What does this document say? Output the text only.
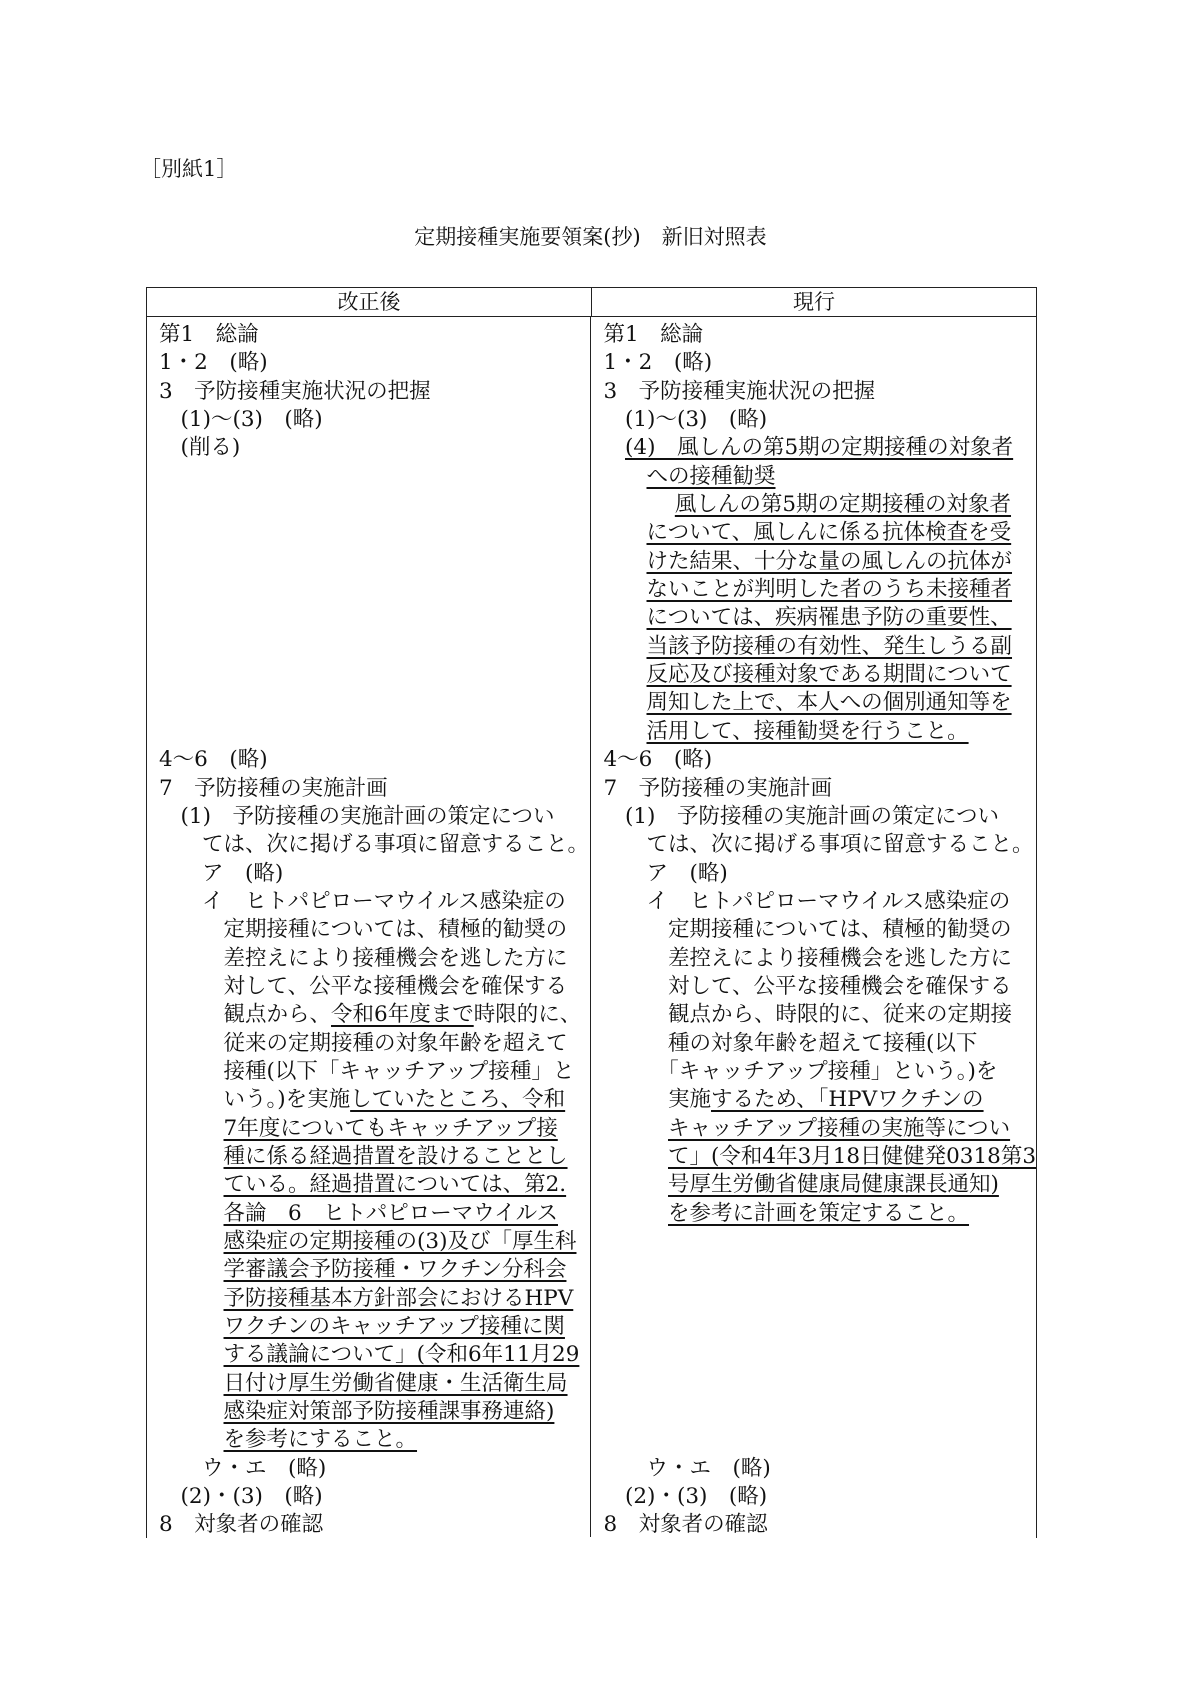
［別紙1］
定期接種実施要領案(抄)　新旧対照表
改正後	現行
第1　総論
1・2　(略)
3　予防接種実施状況の把握
　(1)～(3)　(略)
　(削る)
4～6　(略)
7　予防接種の実施計画
　(1)　予防接種の実施計画の策定につい
　　ては、次に掲げる事項に留意すること。
　　ア　(略)
　　イ　ヒトパピローマウイルス感染症の
　　　定期接種については、積極的勧奨の
　　　差控えにより接種機会を逃した方に
　　　対して、公平な接種機会を確保する
　　　観点から、令和6年度まで時限的に、
　　　従来の定期接種の対象年齢を超えて
　　　接種(以下「キャッチアップ接種」と
　　　いう。)を実施していたところ、令和
　　　7年度についてもキャッチアップ接
　　　種に係る経過措置を設けることとし
　　　ている。経過措置については、第2.
　　　各論　6　ヒトパピローマウイルス
　　　感染症の定期接種の(3)及び「厚生科
　　　学審議会予防接種・ワクチン分科会
　　　予防接種基本方針部会におけるHPV
　　　ワクチンのキャッチアップ接種に関
　　　する議論について」(令和6年11月29
　　　日付け厚生労働省健康・生活衛生局
　　　感染症対策部予防接種課事務連絡)
　　　を参考にすること。
　　ウ・エ　(略)
　(2)・(3)　(略)
8　対象者の確認
第1　総論
1・2　(略)
3　予防接種実施状況の把握
　(1)～(3)　(略)
　(4)　風しんの第5期の定期接種の対象者
　　への接種勧奨
　　　 風しんの第5期の定期接種の対象者
　　について、風しんに係る抗体検査を受
　　けた結果、十分な量の風しんの抗体が
　　ないことが判明した者のうち未接種者
　　については、疾病罹患予防の重要性、
　　当該予防接種の有効性、発生しうる副
　　反応及び接種対象である期間について
　　周知した上で、本人への個別通知等を
　　活用して、接種勧奨を行うこと。
4～6　(略)
7　予防接種の実施計画
　(1)　予防接種の実施計画の策定につい
　　ては、次に掲げる事項に留意すること。
　　ア　(略)
　　イ　ヒトパピローマウイルス感染症の
　　　定期接種については、積極的勧奨の
　　　差控えにより接種機会を逃した方に
　　　対して、公平な接種機会を確保する
　　　観点から、時限的に、従来の定期接
　　　種の対象年齢を超えて接種(以下
　　　「キャッチアップ接種」という。)を
　　　実施するため、「HPVワクチンの
　　　キャッチアップ接種の実施等につい
　　　て」(令和4年3月18日健健発0318第3
　　　号厚生労働省健康局健康課長通知)
　　　を参考に計画を策定すること。
　　ウ・エ　(略)
　(2)・(3)　(略)
8　対象者の確認
